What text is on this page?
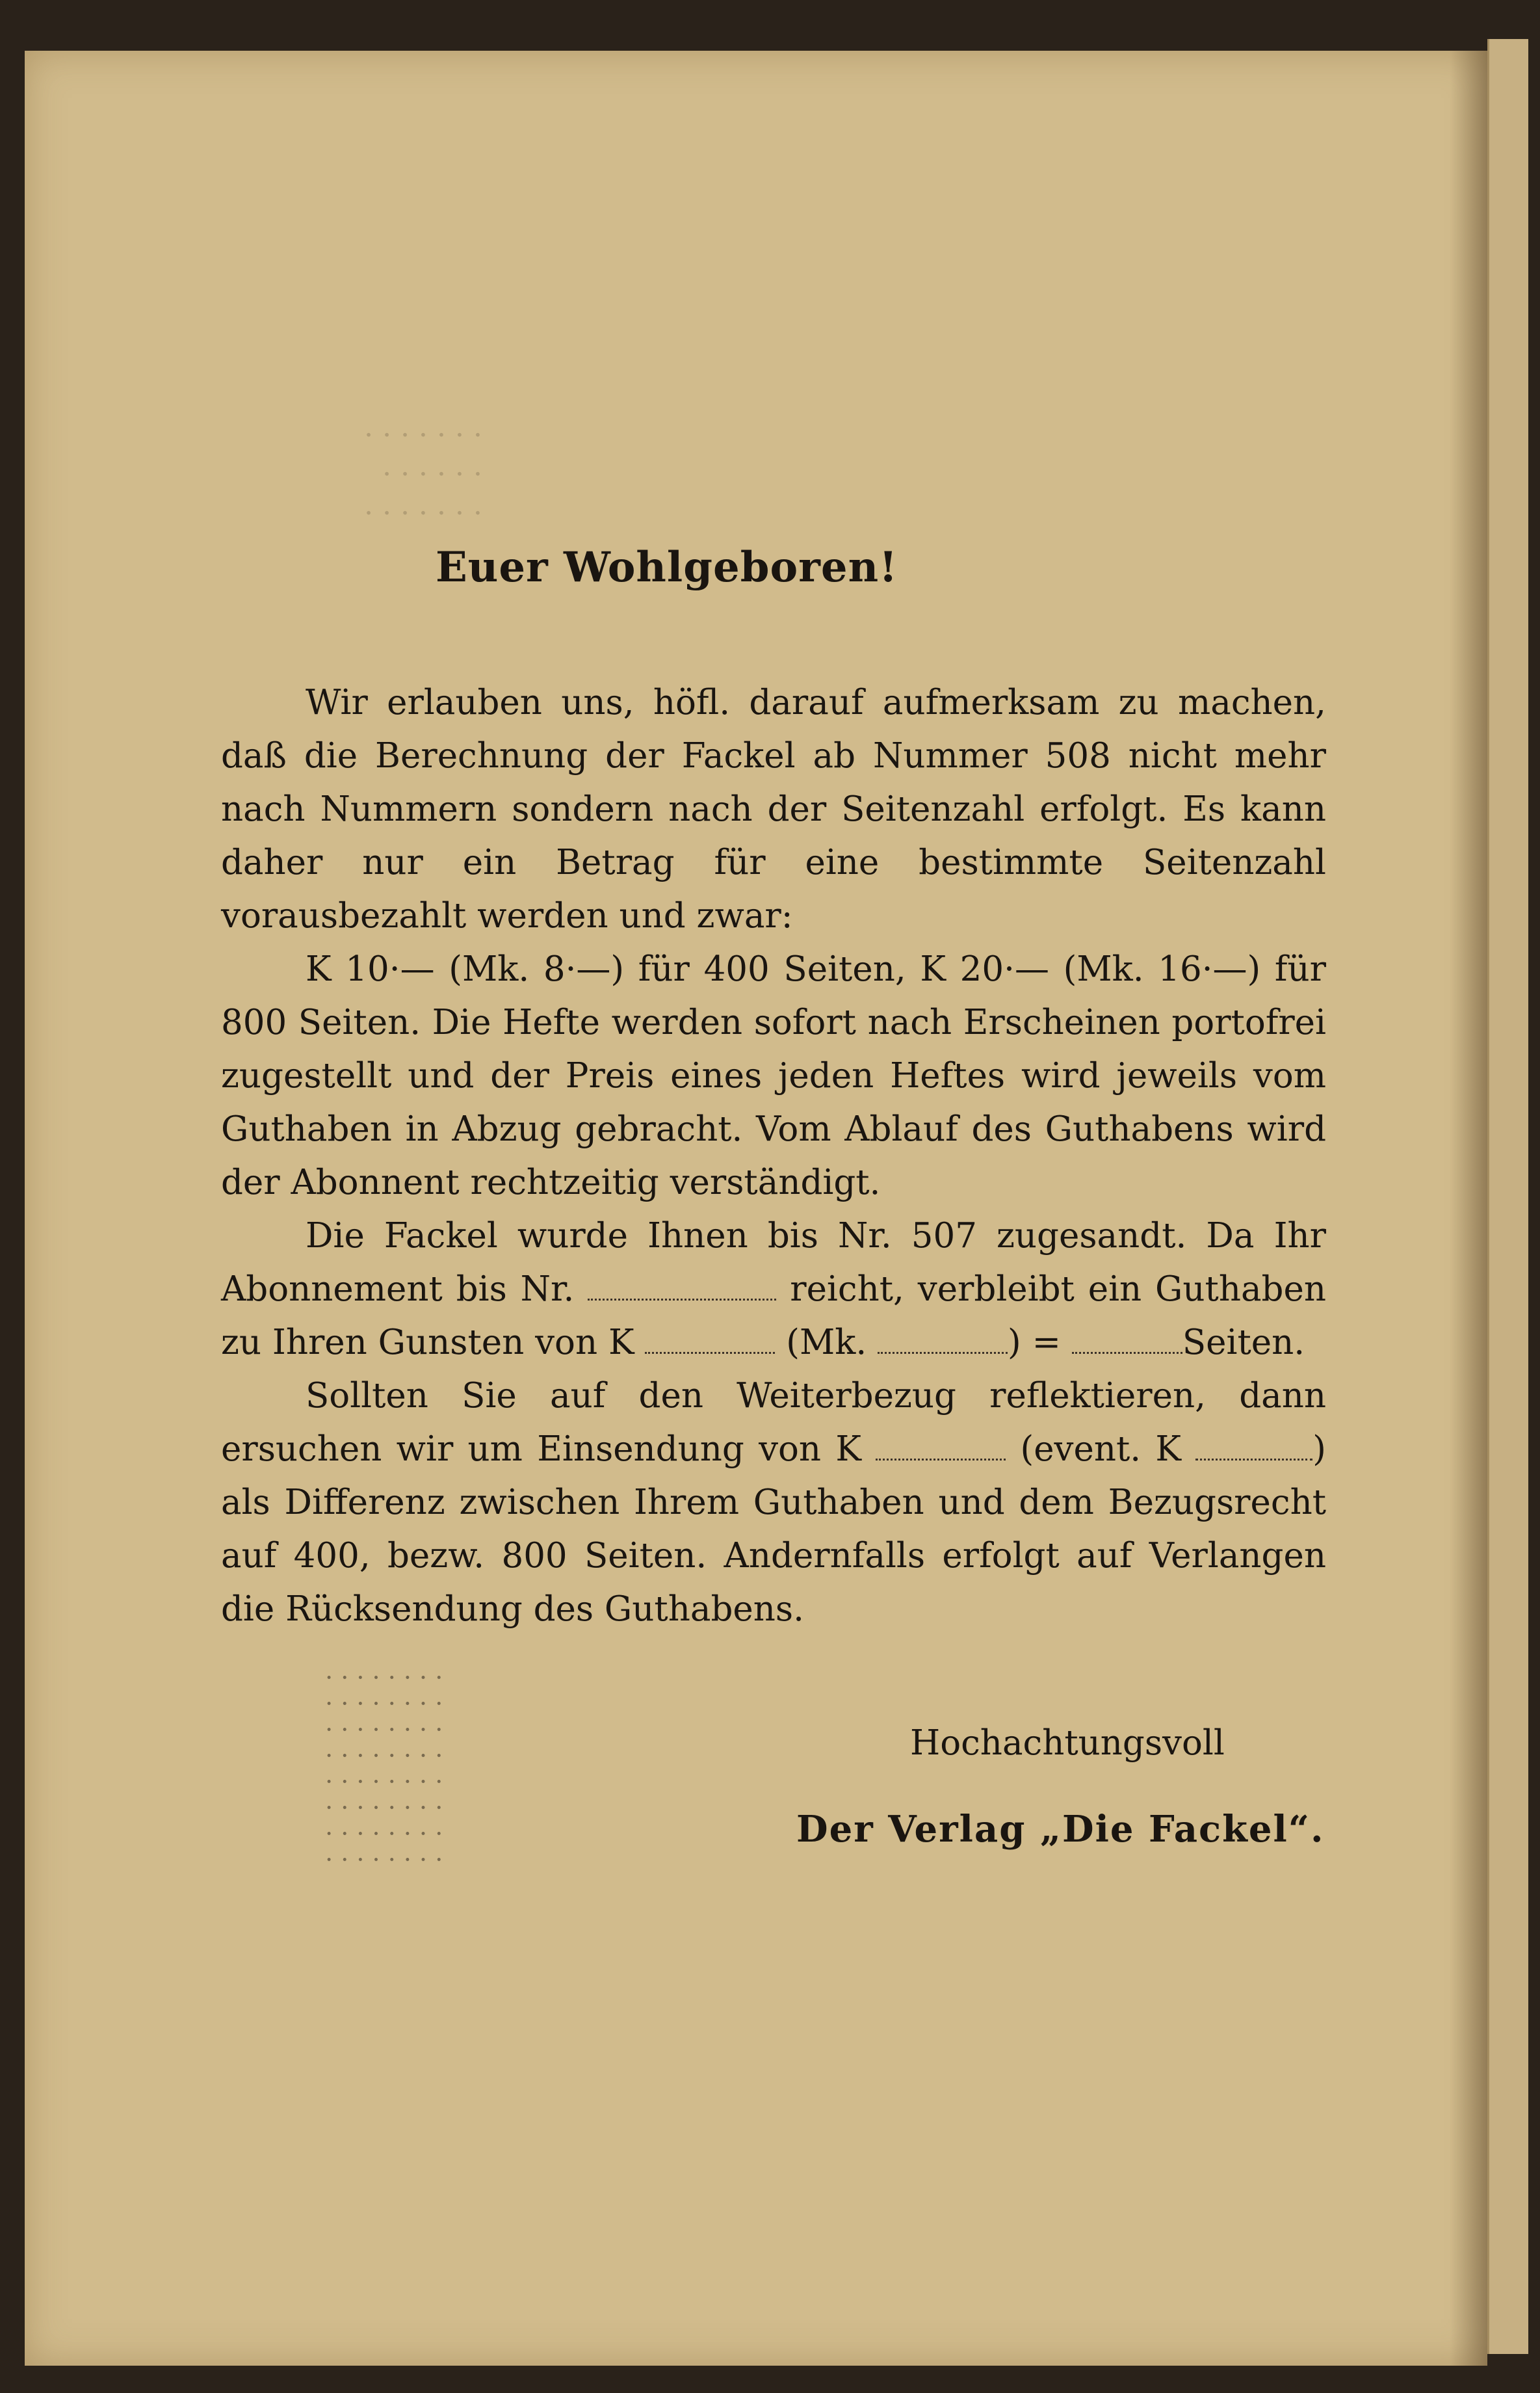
· · · · · · ·
· · · · · ·
· · · · · · ·
· · · · · · · ·
· · · · · · · ·
· · · · · · · ·
· · · · · · · ·
· · · · · · · ·
· · · · · · · ·
· · · · · · · ·
· · · · · · · ·
Euer Wohlgeboren!

Wir erlauben uns, höfl. darauf aufmerksam zu machen, daß die Berechnung der Fackel ab Nummer 508 nicht mehr nach Nummern sondern nach der Seitenzahl erfolgt. Es kann daher nur ein Betrag für eine bestimmte Seitenzahl vorausbezahlt werden und zwar:

K 10·— (Mk. 8·—) für 400 Seiten, K 20·— (Mk. 16·—) für 800 Seiten. Die Hefte werden sofort nach Erscheinen portofrei zugestellt und der Preis eines jeden Heftes wird jeweils vom Guthaben in Abzug gebracht. Vom Ablauf des Guthabens wird der Abonnent rechtzeitig verständigt.

Die Fackel wurde Ihnen bis Nr. 507 zugesandt. Da Ihr Abonnement bis Nr.	reicht, verbleibt ein Guthaben zu Ihren Gunsten von K	(Mk.	) =	Seiten.

Sollten Sie auf den Weiterbezug reflektieren, dann ersuchen wir um Einsendung von K	(event. K	) als Differenz zwischen Ihrem Guthaben und dem Bezugsrecht auf 400, bezw. 800 Seiten. Andernfalls erfolgt auf Verlangen die Rücksendung des Guthabens.

Hochachtungsvoll
Der Verlag „Die Fackel“.
